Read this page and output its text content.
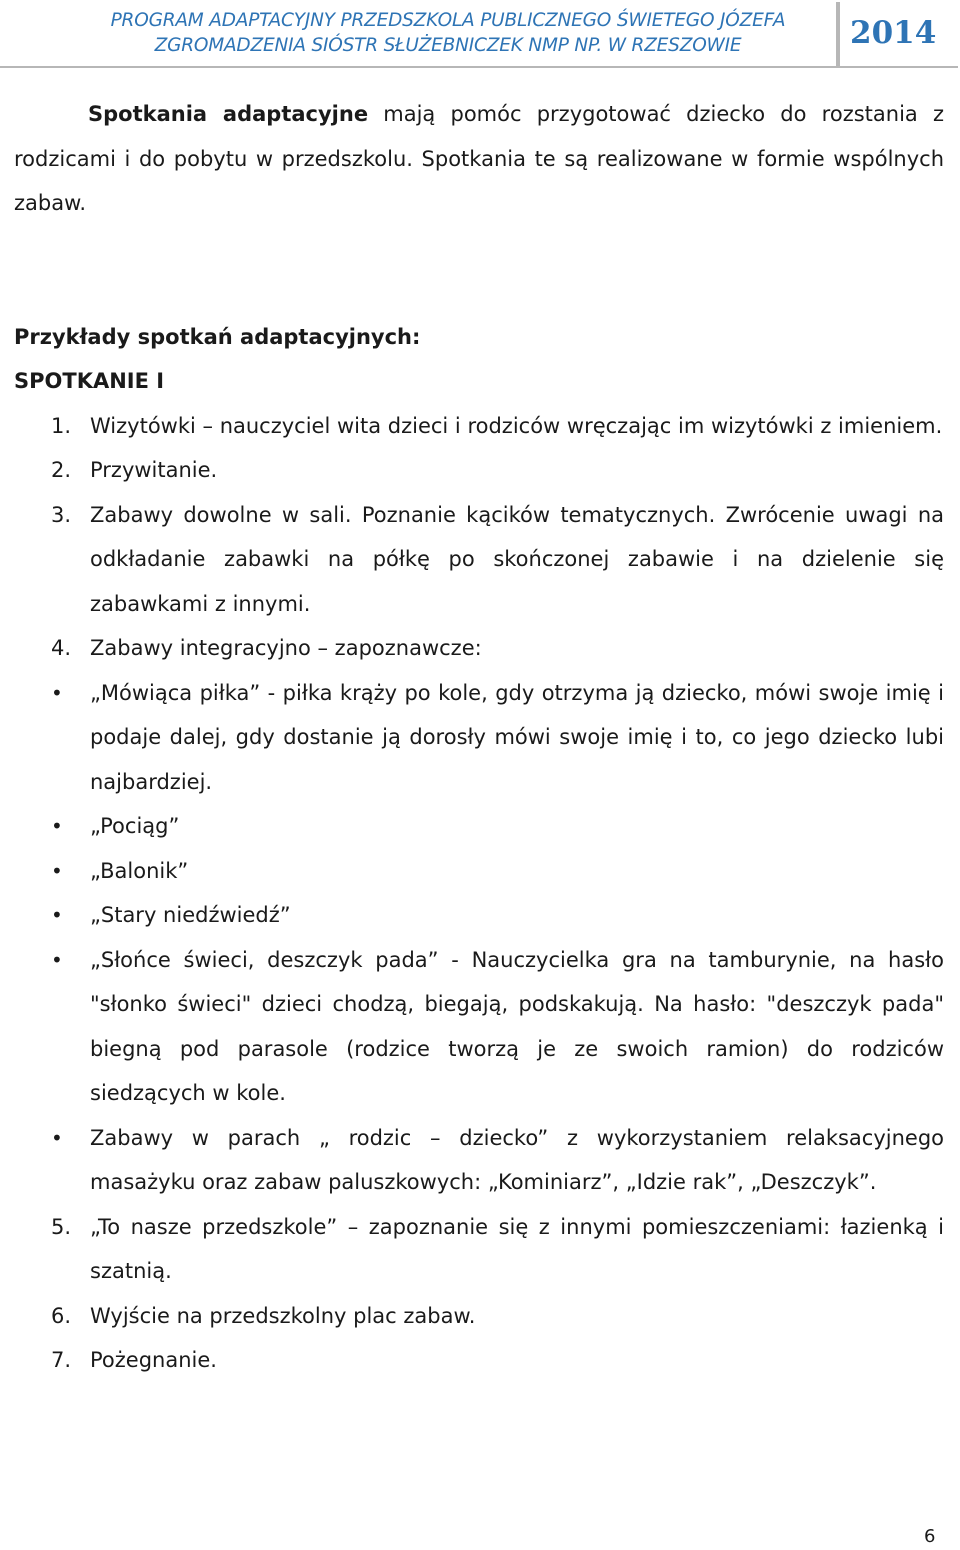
PROGRAM ADAPTACYJNY PRZEDSZKOLA PUBLICZNEGO ŚWIETEGO JÓZEFA
ZGROMADZENIA SIÓSTR SŁUŻEBNICZEK NMP NP. W RZESZOWIE	2014

Spotkania adaptacyjne mają pomóc przygotować dziecko do rozstania z rodzicami i do pobytu w przedszkolu. Spotkania te są realizowane w formie wspólnych zabaw.

Przykłady spotkań adaptacyjnych:

SPOTKANIE I

1. Wizytówki – nauczyciel wita dzieci i rodziców wręczając im wizytówki z imieniem.
2. Przywitanie.
3. Zabawy dowolne w sali. Poznanie kącików tematycznych. Zwrócenie uwagi na odkładanie zabawki na półkę po skończonej zabawie i na dzielenie się zabawkami z innymi.
4. Zabawy integracyjno – zapoznawcze:
• „Mówiąca piłka” - piłka krąży po kole, gdy otrzyma ją dziecko, mówi swoje imię i podaje dalej, gdy dostanie ją dorosły mówi swoje imię i to, co jego dziecko lubi najbardziej.
• „Pociąg”
• „Balonik”
• „Stary niedźwiedź”
• „Słońce świeci, deszczyk pada” - Nauczycielka gra na tamburynie, na hasło "słonko świeci" dzieci chodzą, biegają, podskakują. Na hasło: "deszczyk pada" biegną pod parasole (rodzice tworzą je ze swoich ramion) do rodziców siedzących w kole.
• Zabawy w parach „ rodzic – dziecko” z wykorzystaniem relaksacyjnego masażyku oraz zabaw paluszkowych: „Kominiarz”, „Idzie rak”, „Deszczyk”.
5. „To nasze przedszkole” – zapoznanie się z innymi pomieszczeniami: łazienką i szatnią.
6. Wyjście na przedszkolny plac zabaw.
7. Pożegnanie.
6
